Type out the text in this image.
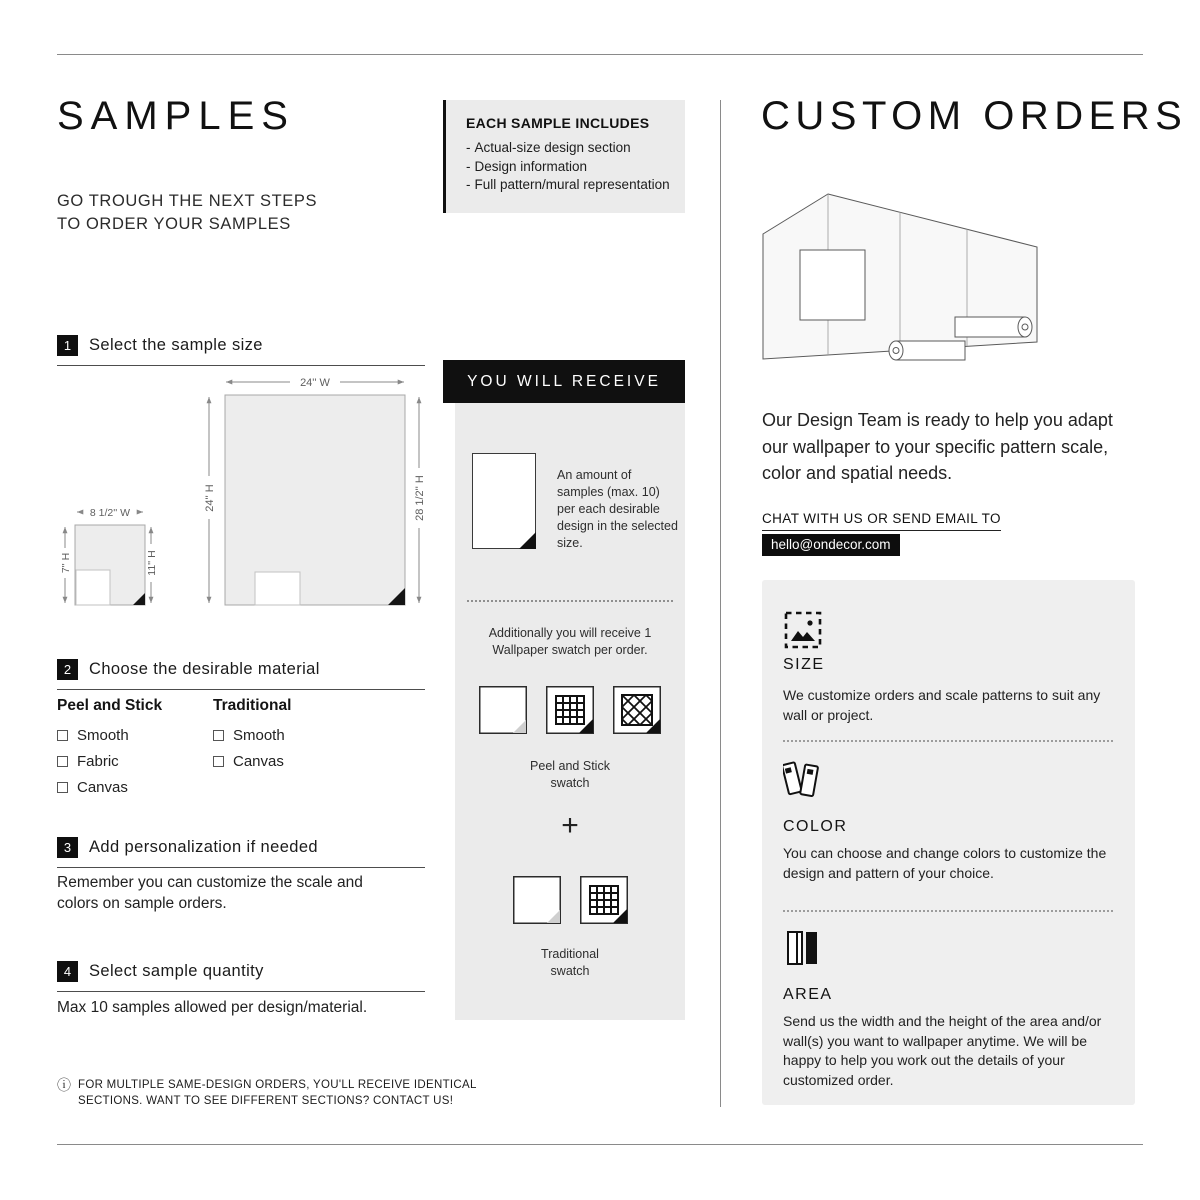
SAMPLES
GO TROUGH THE NEXT STEPS
TO ORDER YOUR SAMPLES
1	Select the sample size
24'' W
24'' H	28 1/2'' H
8 1/2'' W
7'' H	11'' H
2	Choose the desirable material
Peel and Stick
Smooth
Fabric
Canvas
Traditional
Smooth
Canvas
3	Add personalization if needed
Remember you can customize the scale and colors on sample orders.
4	Select sample quantity
Max 10 samples allowed per design/material.
ⓘ FOR MULTIPLE SAME-DESIGN ORDERS, YOU'LL RECEIVE IDENTICAL
SECTIONS. WANT TO SEE DIFFERENT SECTIONS? CONTACT US!
EACH SAMPLE INCLUDES
- Actual-size design section
- Design information
- Full pattern/mural representation
YOU WILL RECEIVE
An amount of samples (max. 10) per each desirable design in the selected size.
Additionally you will receive 1 Wallpaper swatch per order.
Peel and Stick swatch
+
Traditional swatch
CUSTOM ORDERS
Our Design Team is ready to help you adapt our wallpaper to your specific pattern scale, color and spatial needs.
CHAT WITH US OR SEND EMAIL TO
hello@ondecor.com
SIZE
We customize orders and scale patterns to suit any wall or project.
COLOR
You can choose and change colors to customize the design and pattern of your choice.
AREA
Send us the width and the height of the area and/or wall(s) you want to wallpaper anytime. We will be happy to help you work out the details of your customized order.
